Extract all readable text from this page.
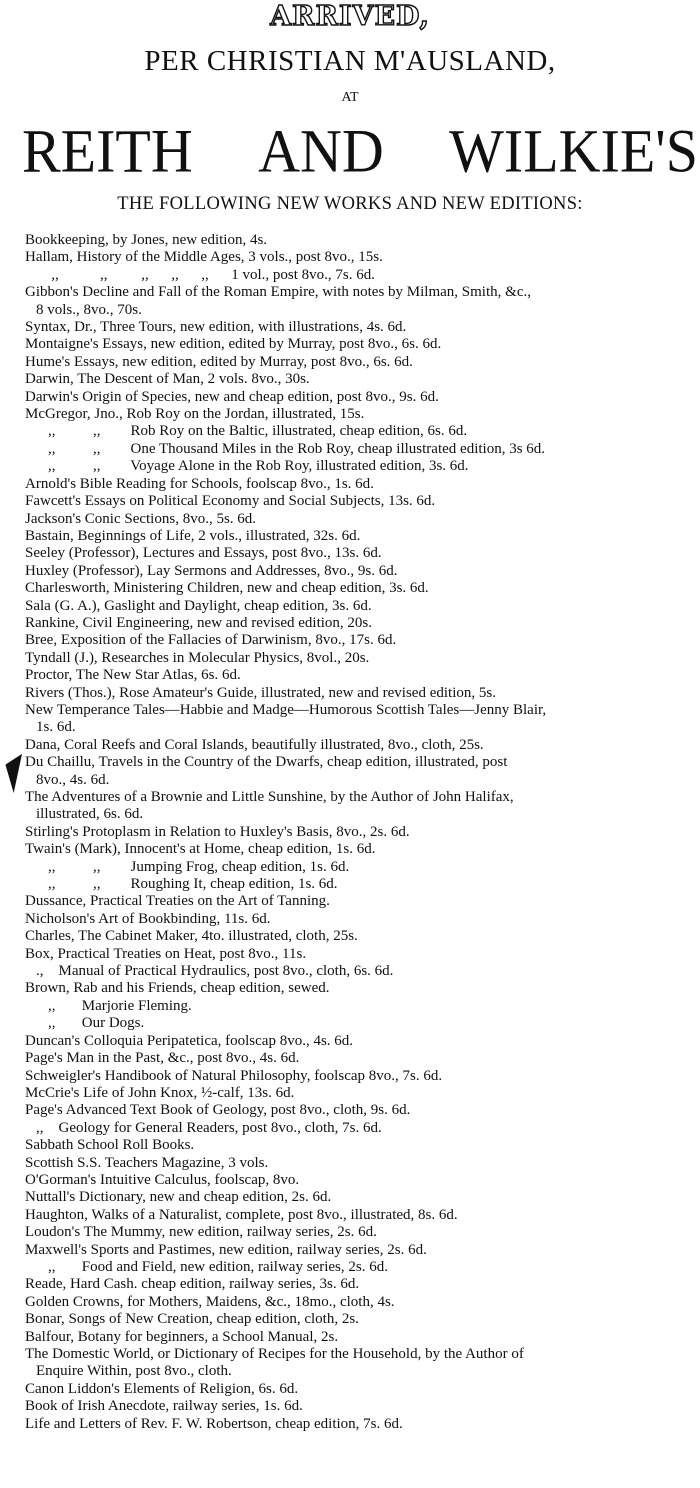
ARRIVED,
PER CHRISTIAN M'AUSLAND,
AT
REITH AND WILKIE'S
THE FOLLOWING NEW WORKS AND NEW EDITIONS:
Bookkeeping, by Jones, new edition, 4s.
Hallam, History of the Middle Ages, 3 vols., post 8vo., 15s.
,,           ,,         ,,      ,,      ,,      1 vol., post 8vo., 7s. 6d.
Gibbon's Decline and Fall of the Roman Empire, with notes by Milman, Smith, &c.,
8 vols., 8vo., 70s.
Syntax, Dr., Three Tours, new edition, with illustrations, 4s. 6d.
Montaigne's Essays, new edition, edited by Murray, post 8vo., 6s. 6d.
Hume's Essays, new edition, edited by Murray, post 8vo., 6s. 6d.
Darwin, The Descent of Man, 2 vols. 8vo., 30s.
Darwin's Origin of Species, new and cheap edition, post 8vo., 9s. 6d.
McGregor, Jno., Rob Roy on the Jordan, illustrated, 15s.
,,          ,,        Rob Roy on the Baltic, illustrated, cheap edition, 6s. 6d.
,,          ,,        One Thousand Miles in the Rob Roy, cheap illustrated edition, 3s 6d.
,,          ,,        Voyage Alone in the Rob Roy, illustrated edition, 3s. 6d.
Arnold's Bible Reading for Schools, foolscap 8vo., 1s. 6d.
Fawcett's Essays on Political Economy and Social Subjects, 13s. 6d.
Jackson's Conic Sections, 8vo., 5s. 6d.
Bastain, Beginnings of Life, 2 vols., illustrated, 32s. 6d.
Seeley (Professor), Lectures and Essays, post 8vo., 13s. 6d.
Huxley (Professor), Lay Sermons and Addresses, 8vo., 9s. 6d.
Charlesworth, Ministering Children, new and cheap edition, 3s. 6d.
Sala (G. A.), Gaslight and Daylight, cheap edition, 3s. 6d.
Rankine, Civil Engineering, new and revised edition, 20s.
Bree, Exposition of the Fallacies of Darwinism, 8vo., 17s. 6d.
Tyndall (J.), Researches in Molecular Physics, 8vol., 20s.
Proctor, The New Star Atlas, 6s. 6d.
Rivers (Thos.), Rose Amateur's Guide, illustrated, new and revised edition, 5s.
New Temperance Tales—Habbie and Madge—Humorous Scottish Tales—Jenny Blair,
1s. 6d.
Dana, Coral Reefs and Coral Islands, beautifully illustrated, 8vo., cloth, 25s.
Du Chaillu, Travels in the Country of the Dwarfs, cheap edition, illustrated, post
8vo., 4s. 6d.
The Adventures of a Brownie and Little Sunshine, by the Author of John Halifax,
illustrated, 6s. 6d.
Stirling's Protoplasm in Relation to Huxley's Basis, 8vo., 2s. 6d.
Twain's (Mark), Innocent's at Home, cheap edition, 1s. 6d.
,,          ,,        Jumping Frog, cheap edition, 1s. 6d.
,,          ,,        Roughing It, cheap edition, 1s. 6d.
Dussance, Practical Treaties on the Art of Tanning.
Nicholson's Art of Bookbinding, 11s. 6d.
Charles, The Cabinet Maker, 4to. illustrated, cloth, 25s.
Box, Practical Treaties on Heat, post 8vo., 11s.
.,    Manual of Practical Hydraulics, post 8vo., cloth, 6s. 6d.
Brown, Rab and his Friends, cheap edition, sewed.
,,       Marjorie Fleming.
,,       Our Dogs.
Duncan's Colloquia Peripatetica, foolscap 8vo., 4s. 6d.
Page's Man in the Past, &c., post 8vo., 4s. 6d.
Schweigler's Handibook of Natural Philosophy, foolscap 8vo., 7s. 6d.
McCrie's Life of John Knox, ½-calf, 13s. 6d.
Page's Advanced Text Book of Geology, post 8vo., cloth, 9s. 6d.
,,    Geology for General Readers, post 8vo., cloth, 7s. 6d.
Sabbath School Roll Books.
Scottish S.S. Teachers Magazine, 3 vols.
O'Gorman's Intuitive Calculus, foolscap, 8vo.
Nuttall's Dictionary, new and cheap edition, 2s. 6d.
Haughton, Walks of a Naturalist, complete, post 8vo., illustrated, 8s. 6d.
Loudon's The Mummy, new edition, railway series, 2s. 6d.
Maxwell's Sports and Pastimes, new edition, railway series, 2s. 6d.
,,       Food and Field, new edition, railway series, 2s. 6d.
Reade, Hard Cash. cheap edition, railway series, 3s. 6d.
Golden Crowns, for Mothers, Maidens, &c., 18mo., cloth, 4s.
Bonar, Songs of New Creation, cheap edition, cloth, 2s.
Balfour, Botany for beginners, a School Manual, 2s.
The Domestic World, or Dictionary of Recipes for the Household, by the Author of
Enquire Within, post 8vo., cloth.
Canon Liddon's Elements of Religion, 6s. 6d.
Book of Irish Anecdote, railway series, 1s. 6d.
Life and Letters of Rev. F. W. Robertson, cheap edition, 7s. 6d.
